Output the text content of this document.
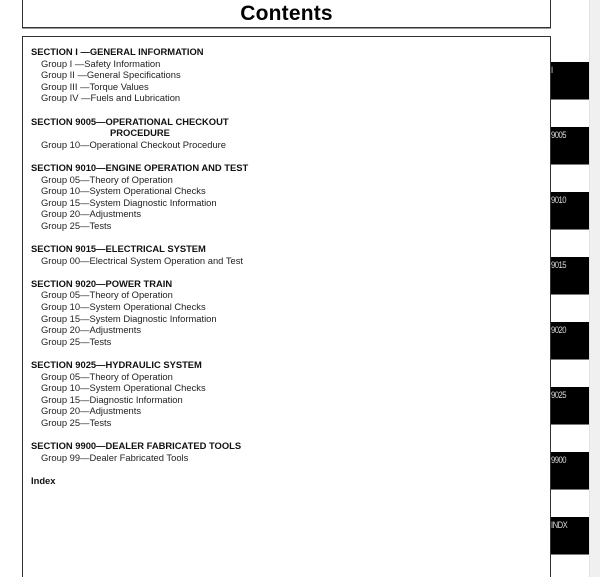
Contents
SECTION I —GENERAL INFORMATION
Group I —Safety Information
Group II —General Specifications
Group III —Torque Values
Group IV —Fuels and Lubrication
SECTION 9005—OPERATIONAL CHECKOUT
PROCEDURE
Group 10—Operational Checkout Procedure
SECTION 9010—ENGINE OPERATION AND TEST
Group 05—Theory of Operation
Group 10—System Operational Checks
Group 15—System Diagnostic Information
Group 20—Adjustments
Group 25—Tests
SECTION 9015—ELECTRICAL SYSTEM
Group 00—Electrical System Operation and Test
SECTION 9020—POWER TRAIN
Group 05—Theory of Operation
Group 10—System Operational Checks
Group 15—System Diagnostic Information
Group 20—Adjustments
Group 25—Tests
SECTION 9025—HYDRAULIC SYSTEM
Group 05—Theory of Operation
Group 10—System Operational Checks
Group 15—Diagnostic Information
Group 20—Adjustments
Group 25—Tests
SECTION 9900—DEALER FABRICATED TOOLS
Group 99—Dealer Fabricated Tools
Index
I
9005
9010
9015
9020
9025
9900
INDX
